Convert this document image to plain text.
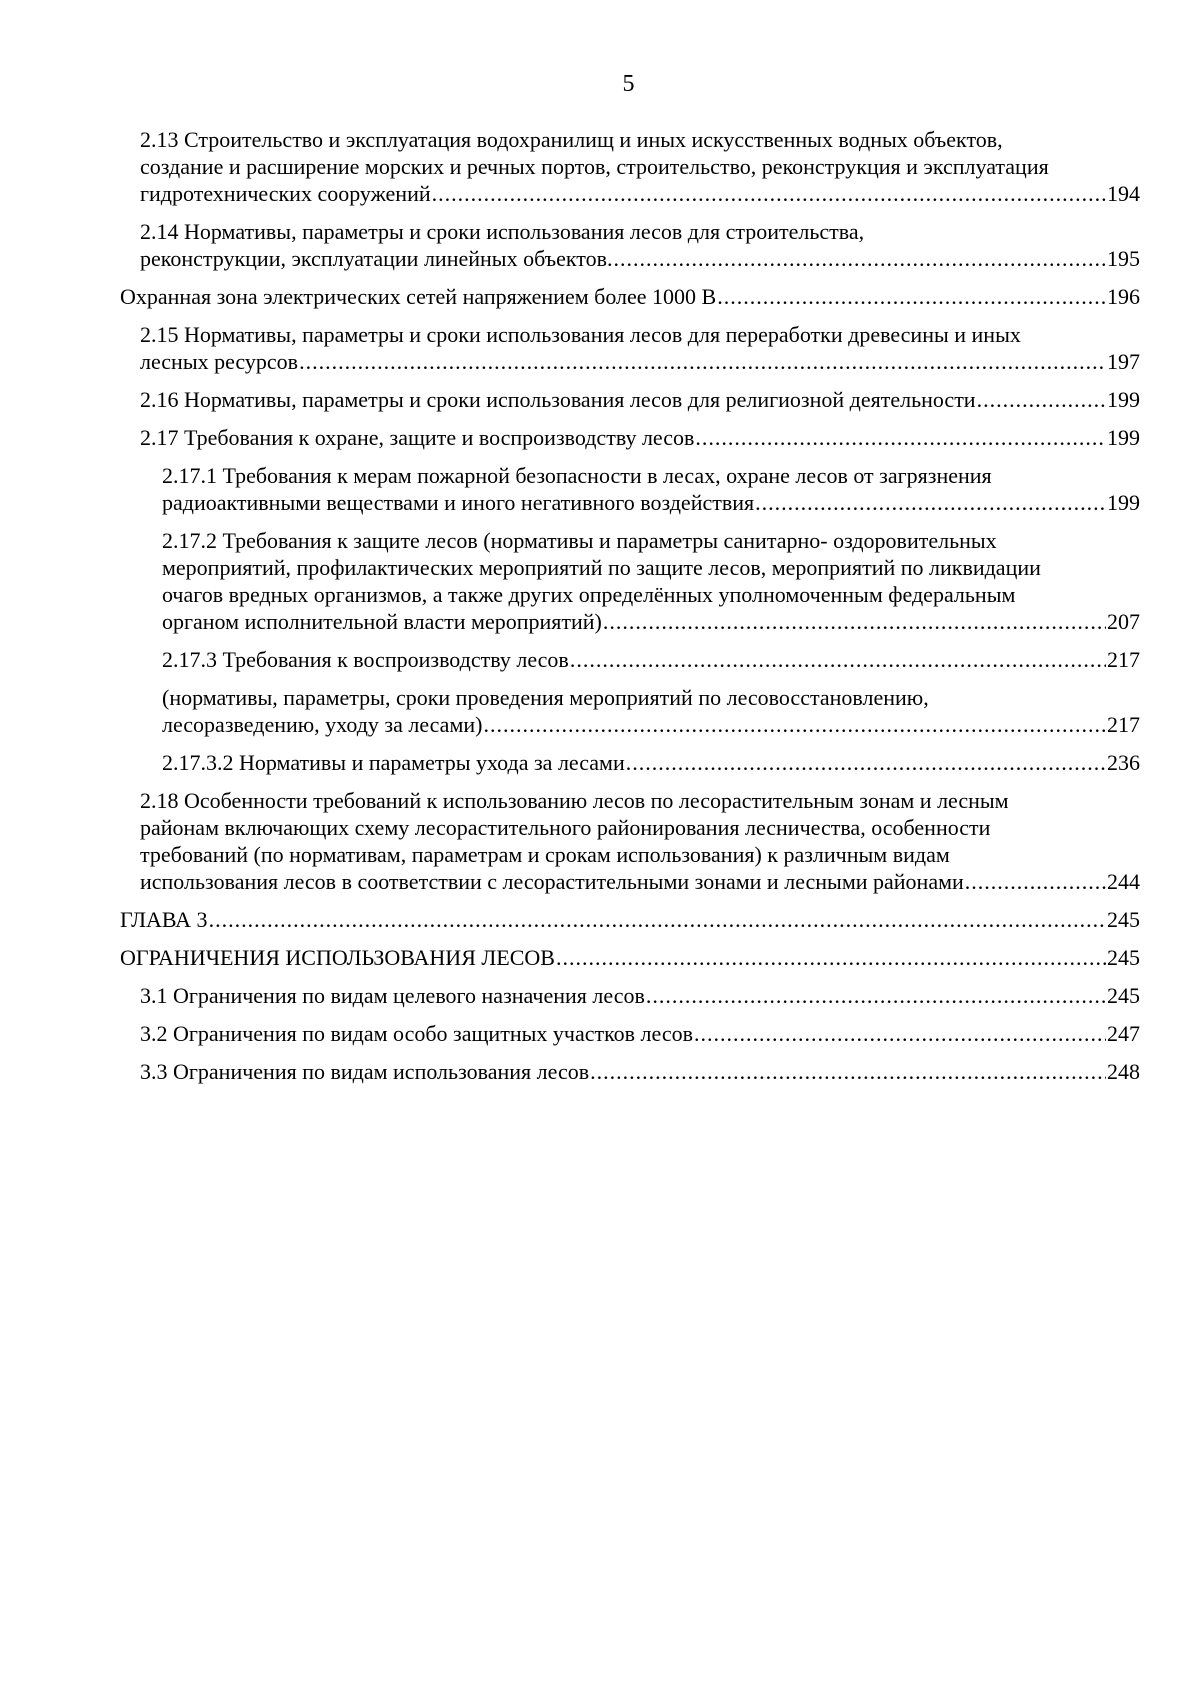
5
2.13 Строительство и эксплуатация водохранилищ и иных искусственных водных объектов,
создание и расширение морских и речных портов, строительство, реконструкция и эксплуатация
гидротехнических сооружений .....	194
2.14 Нормативы, параметры и сроки использования лесов для строительства,
реконструкции, эксплуатации линейных объектов. .....	195
Охранная зона электрических сетей напряжением более 1000 В .....	196
2.15 Нормативы, параметры и сроки использования лесов для переработки древесины и иных
лесных ресурсов .....	197
2.16 Нормативы, параметры и сроки использования лесов для религиозной деятельности .....	199
2.17 Требования к охране, защите и воспроизводству лесов .....	199
2.17.1 Требования к мерам пожарной безопасности в лесах, охране лесов от загрязнения
радиоактивными веществами и иного негативного воздействия .....	199
2.17.2 Требования к защите лесов (нормативы и параметры санитарно- оздоровительных
мероприятий, профилактических мероприятий по защите лесов, мероприятий по ликвидации
очагов вредных организмов, а также других определённых уполномоченным федеральным
органом исполнительной власти мероприятий) .....	207
2.17.3 Требования к воспроизводству лесов .....	217
(нормативы, параметры, сроки проведения мероприятий по лесовосстановлению,
лесоразведению, уходу за лесами) .....	217
2.17.3.2 Нормативы и параметры ухода за лесами .....	236
2.18 Особенности требований к использованию лесов по лесорастительным зонам и лесным
районам включающих схему лесорастительного районирования лесничества, особенности
требований (по нормативам, параметрам и срокам использования) к различным видам
использования лесов в соответствии с лесорастительными зонами и лесными районами .....	244
ГЛАВА 3 .....	245
ОГРАНИЧЕНИЯ ИСПОЛЬЗОВАНИЯ ЛЕСОВ .....	245
3.1 Ограничения по видам целевого назначения лесов .....	245
3.2 Ограничения по видам особо защитных участков лесов .....	247
3.3 Ограничения по видам использования лесов .....	248
